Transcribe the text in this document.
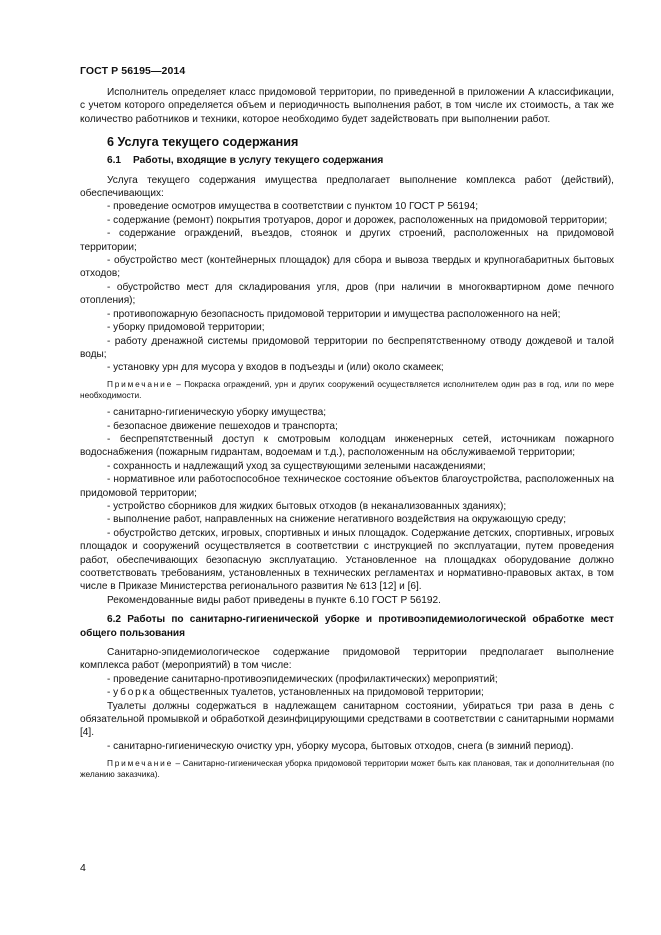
ГОСТ Р 56195—2014

Исполнитель определяет класс придомовой территории, по приведенной в приложении А классификации, с учетом которого определяется объем и периодичность выполнения работ, в том числе их стоимость, а так же количество работников и техники, которое необходимо будет задействовать при выполнении работ.

6 Услуга текущего содержания
6.1 Работы, входящие в услугу текущего содержания

Услуга текущего содержания имущества предполагает выполнение комплекса работ (действий), обеспечивающих:

- проведение осмотров имущества в соответствии с пунктом 10 ГОСТ Р 56194;

- содержание (ремонт) покрытия тротуаров, дорог и дорожек, расположенных на придомовой территории;

- содержание ограждений, въездов, стоянок и других строений, расположенных на придомовой территории;

- обустройство мест (контейнерных площадок) для сбора и вывоза твердых и крупногабаритных бытовых отходов;

- обустройство мест для складирования угля, дров (при наличии в многоквартирном доме печного отопления);

- противопожарную безопасность придомовой территории и имущества расположенного на ней;

- уборку придомовой территории;

- работу дренажной системы придомовой территории по беспрепятственному отводу дождевой и талой воды;

- установку урн для мусора у входов в подъезды и (или) около скамеек;

Примечание – Покраска ограждений, урн и других сооружений осуществляется исполнителем один раз в год, или по мере необходимости.

- санитарно-гигиеническую уборку имущества;

- безопасное движение пешеходов и транспорта;

- беспрепятственный доступ к смотровым колодцам инженерных сетей, источникам пожарного водоснабжения (пожарным гидрантам, водоемам и т.д.), расположенным на обслуживаемой территории;

- сохранность и надлежащий уход за существующими зелеными насаждениями;

- нормативное или работоспособное техническое состояние объектов благоустройства, расположенных на придомовой территории;

- устройство сборников для жидких бытовых отходов (в неканализованных зданиях);

- выполнение работ, направленных на снижение негативного воздействия на окружающую среду;

- обустройство детских, игровых, спортивных и иных площадок. Содержание детских, спортивных, игровых площадок и сооружений осуществляется в соответствии с инструкцией по эксплуатации, путем проведения работ, обеспечивающих безопасную эксплуатацию. Установленное на площадках оборудование должно соответствовать требованиям, установленных в технических регламентах и нормативно-правовых актах, в том числе в Приказе Министерства регионального развития № 613 [12] и [6].

Рекомендованные виды работ приведены в пункте 6.10 ГОСТ Р 56192.

6.2 Работы по санитарно-гигиенической уборке и противоэпидемиологической обработке мест общего пользования

Санитарно-эпидемиологическое содержание придомовой территории предполагает выполнение комплекса работ (мероприятий) в том числе:

- проведение санитарно-противоэпидемических (профилактических) мероприятий;

- уборка общественных туалетов, установленных на придомовой территории;

Туалеты должны содержаться в надлежащем санитарном состоянии, убираться три раза в день с обязательной промывкой и обработкой дезинфицирующими средствами в соответствии с санитарными нормами [4].

- санитарно-гигиеническую очистку урн, уборку мусора, бытовых отходов, снега (в зимний период).

Примечание – Санитарно-гигиеническая уборка придомовой территории может быть как плановая, так и дополнительная (по желанию заказчика).

4
